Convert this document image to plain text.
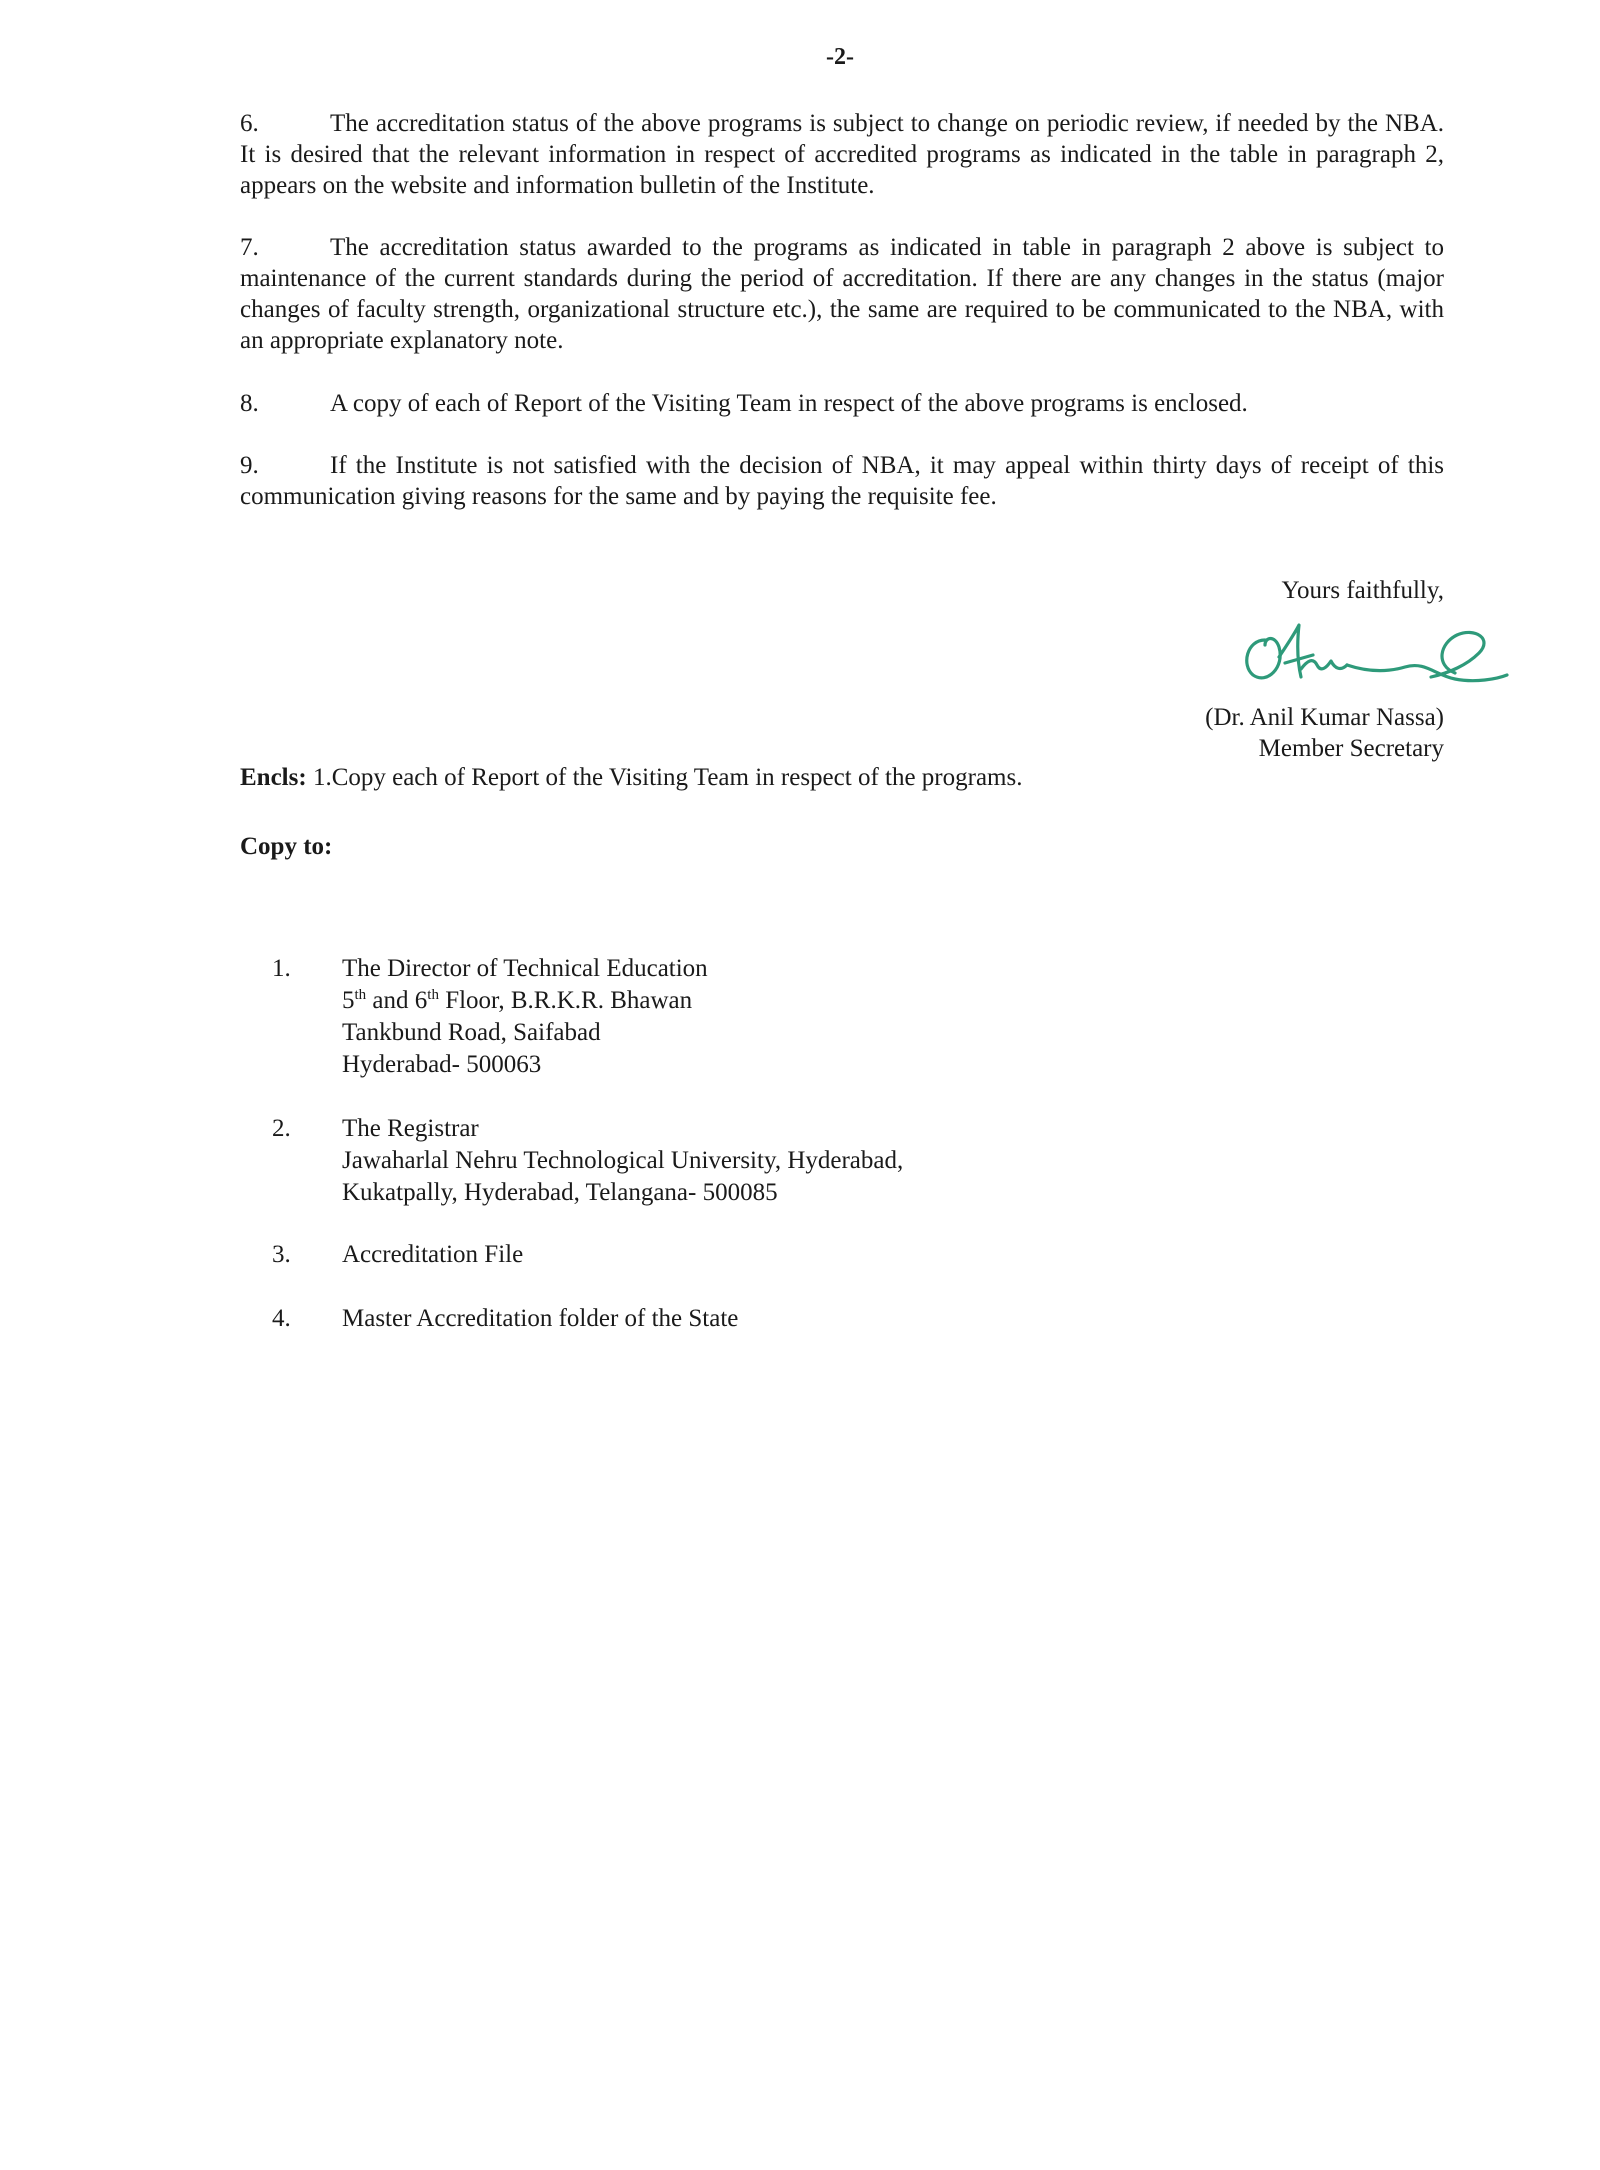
-2-
6.	The accreditation status of the above programs is subject to change on periodic review, if needed by the NBA. It is desired that the relevant information in respect of accredited programs as indicated in the table in paragraph 2, appears on the website and information bulletin of the Institute.
7.	The accreditation status awarded to the programs as indicated in table in paragraph 2 above is subject to maintenance of the current standards during the period of accreditation. If there are any changes in the status (major changes of faculty strength, organizational structure etc.), the same are required to be communicated to the NBA, with an appropriate explanatory note.
8.	A copy of each of Report of the Visiting Team in respect of the above programs is enclosed.
9.	If the Institute is not satisfied with the decision of NBA, it may appeal within thirty days of receipt of this communication giving reasons for the same and by paying the requisite fee.
Yours faithfully,
(Dr. Anil Kumar Nassa)
Member Secretary
Encls: 1.Copy each of Report of the Visiting Team in respect of the programs.
Copy to:
1.	The Director of Technical Education
5th and 6th Floor, B.R.K.R. Bhawan
Tankbund Road, Saifabad
Hyderabad- 500063
2.	The Registrar
Jawaharlal Nehru Technological University, Hyderabad,
Kukatpally, Hyderabad, Telangana- 500085
3.	Accreditation File
4.	Master Accreditation folder of the State
